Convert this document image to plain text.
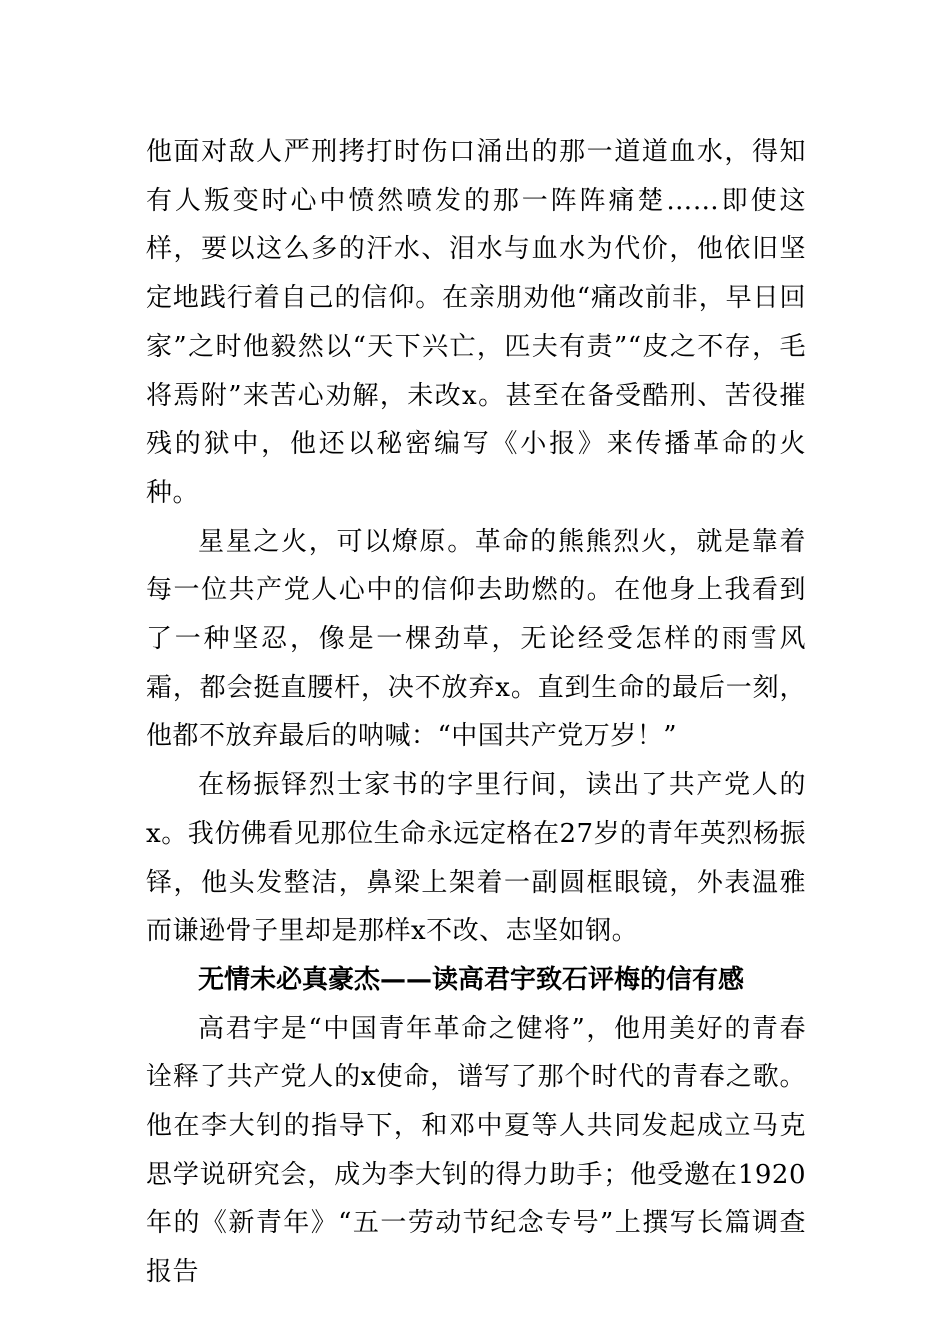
他面对敌人严刑拷打时伤口涌出的那一道道血水，得知有人叛变时心中愤然喷发的那一阵阵痛楚……即使这样，要以这么多的汗水、泪水与血水为代价，他依旧坚定地践行着自己的信仰。在亲朋劝他“痛改前非，早日回家”之时他毅然以“天下兴亡，匹夫有责”“皮之不存，毛将焉附”来苦心劝解，未改x。甚至在备受酷刑、苦役摧残的狱中，他还以秘密编写《小报》来传播革命的火种。

星星之火，可以燎原。革命的熊熊烈火，就是靠着每一位共产党人心中的信仰去助燃的。在他身上我看到了一种坚忍，像是一棵劲草，无论经受怎样的雨雪风霜，都会挺直腰杆，决不放弃x。直到生命的最后一刻，他都不放弃最后的呐喊：“中国共产党万岁！”

在杨振铎烈士家书的字里行间，读出了共产党人的x。我仿佛看见那位生命永远定格在27岁的青年英烈杨振铎，他头发整洁，鼻梁上架着一副圆框眼镜，外表温雅而谦逊骨子里却是那样x不改、志坚如钢。

无情未必真豪杰——读高君宇致石评梅的信有感

高君宇是“中国青年革命之健将”，他用美好的青春诠释了共产党人的x使命，谱写了那个时代的青春之歌。他在李大钊的指导下，和邓中夏等人共同发起成立马克思学说研究会，成为李大钊的得力助手；他受邀在1920年的《新青年》“五一劳动节纪念专号”上撰写长篇调查报告
